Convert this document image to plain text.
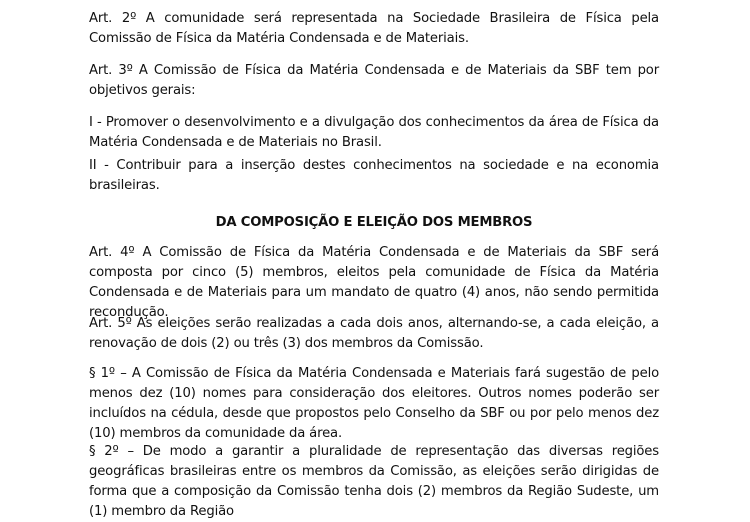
Art. 2º A comunidade será representada na Sociedade Brasileira de Física pela Comissão de Física da Matéria Condensada e de Materiais.

Art. 3º A Comissão de Física da Matéria Condensada e de Materiais da SBF tem por objetivos gerais:

I - Promover o desenvolvimento e a divulgação dos conhecimentos da área de Física da Matéria Condensada e de Materiais no Brasil.

II - Contribuir para a inserção destes conhecimentos na sociedade e na economia brasileiras.

DA COMPOSIÇÃO E ELEIÇÃO DOS MEMBROS

Art. 4º A Comissão de Física da Matéria Condensada e de Materiais da SBF será composta por cinco (5) membros, eleitos pela comunidade de Física da Matéria Condensada e de Materiais para um mandato de quatro (4) anos, não sendo permitida recondução.

Art. 5º As eleições serão realizadas a cada dois anos, alternando-se, a cada eleição, a renovação de dois (2) ou três (3) dos membros da Comissão.

§ 1º – A Comissão de Física da Matéria Condensada e Materiais fará sugestão de pelo menos dez (10) nomes para consideração dos eleitores. Outros nomes poderão ser incluídos na cédula, desde que propostos pelo Conselho da SBF ou por pelo menos dez (10) membros da comunidade da área.

§ 2º – De modo a garantir a pluralidade de representação das diversas regiões geográficas brasileiras entre os membros da Comissão, as eleições serão dirigidas de forma que a composição da Comissão tenha dois (2) membros da Região Sudeste, um (1) membro da Região
